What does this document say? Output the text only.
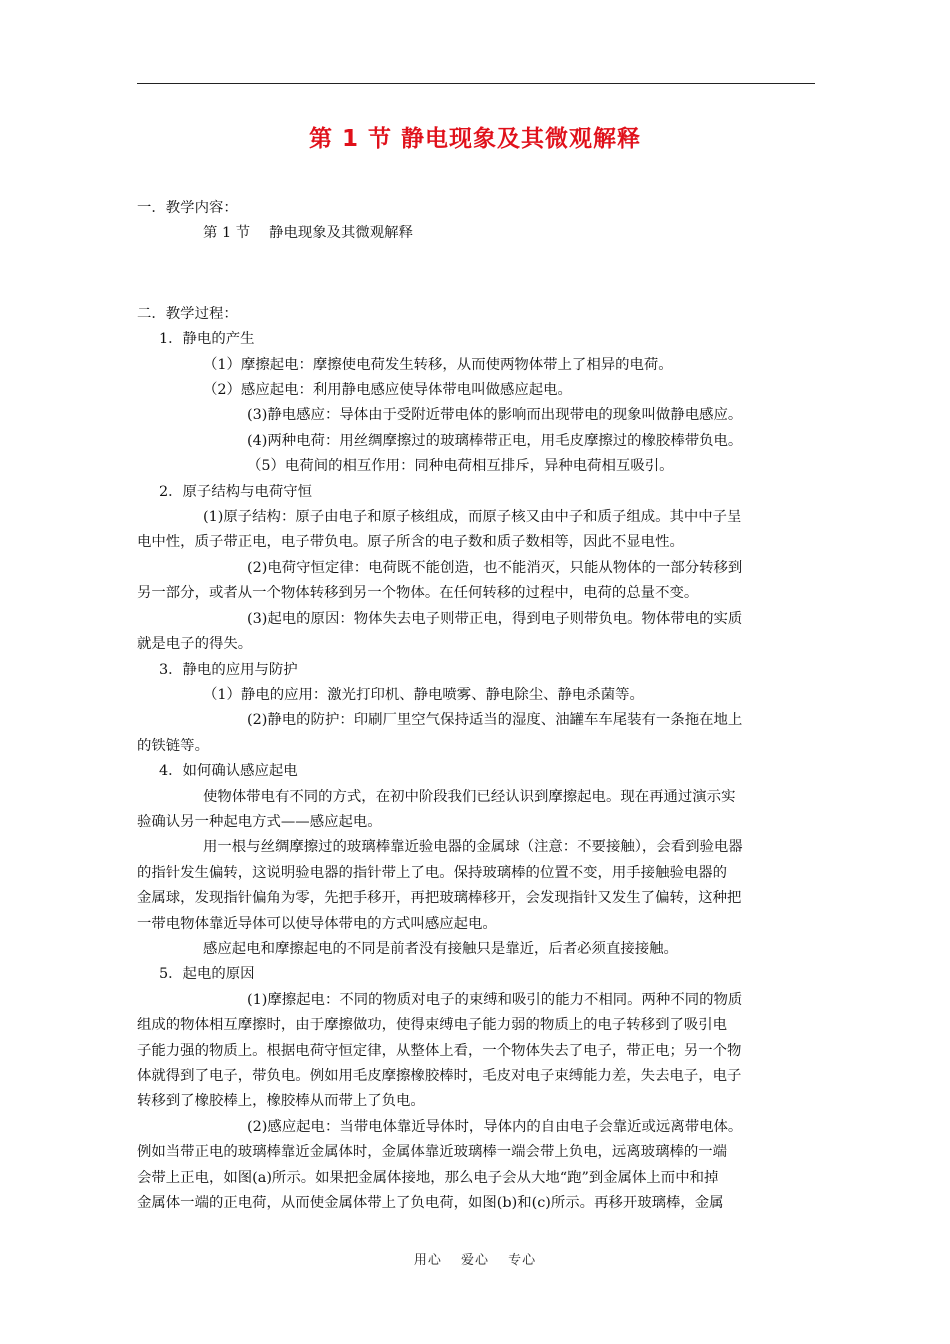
第 1 节 静电现象及其微观解释

一．教学内容：

第 1 节　 静电现象及其微观解释

二．教学过程：

1．静电的产生

（1）摩擦起电：摩擦使电荷发生转移，从而使两物体带上了相异的电荷。

（2）感应起电：利用静电感应使导体带电叫做感应起电。

(3)静电感应：导体由于受附近带电体的影响而出现带电的现象叫做静电感应。

(4)两种电荷：用丝绸摩擦过的玻璃棒带正电，用毛皮摩擦过的橡胶棒带负电。

（5）电荷间的相互作用：同种电荷相互排斥，异种电荷相互吸引。

2．原子结构与电荷守恒

(1)原子结构：原子由电子和原子核组成，而原子核又由中子和质子组成。其中中子呈

电中性，质子带正电，电子带负电。原子所含的电子数和质子数相等，因此不显电性。

(2)电荷守恒定律：电荷既不能创造，也不能消灭，只能从物体的一部分转移到

另一部分，或者从一个物体转移到另一个物体。在任何转移的过程中，电荷的总量不变。

(3)起电的原因：物体失去电子则带正电，得到电子则带负电。物体带电的实质

就是电子的得失。

3．静电的应用与防护

（1）静电的应用：激光打印机、静电喷雾、静电除尘、静电杀菌等。

(2)静电的防护：印刷厂里空气保持适当的湿度、油罐车车尾装有一条拖在地上

的铁链等。

4．如何确认感应起电

使物体带电有不同的方式，在初中阶段我们已经认识到摩擦起电。现在再通过演示实

验确认另一种起电方式——感应起电。

用一根与丝绸摩擦过的玻璃棒靠近验电器的金属球（注意：不要接触），会看到验电器

的指针发生偏转，这说明验电器的指针带上了电。保持玻璃棒的位置不变，用手接触验电器的

金属球，发现指针偏角为零，先把手移开，再把玻璃棒移开，会发现指针又发生了偏转，这种把

一带电物体靠近导体可以使导体带电的方式叫感应起电。

感应起电和摩擦起电的不同是前者没有接触只是靠近，后者必须直接接触。

5．起电的原因

(1)摩擦起电：不同的物质对电子的束缚和吸引的能力不相同。两种不同的物质

组成的物体相互摩擦时，由于摩擦做功，使得束缚电子能力弱的物质上的电子转移到了吸引电

子能力强的物质上。根据电荷守恒定律，从整体上看，一个物体失去了电子，带正电；另一个物

体就得到了电子，带负电。例如用毛皮摩擦橡胶棒时，毛皮对电子束缚能力差，失去电子，电子

转移到了橡胶棒上，橡胶棒从而带上了负电。

(2)感应起电：当带电体靠近导体时，导体内的自由电子会靠近或远离带电体。

例如当带正电的玻璃棒靠近金属体时，金属体靠近玻璃棒一端会带上负电，远离玻璃棒的一端

会带上正电，如图(a)所示。如果把金属体接地，那么电子会从大地“跑”到金属体上而中和掉

金属体一端的正电荷，从而使金属体带上了负电荷，如图(b)和(c)所示。再移开玻璃棒，金属

用心 爱心 专心
